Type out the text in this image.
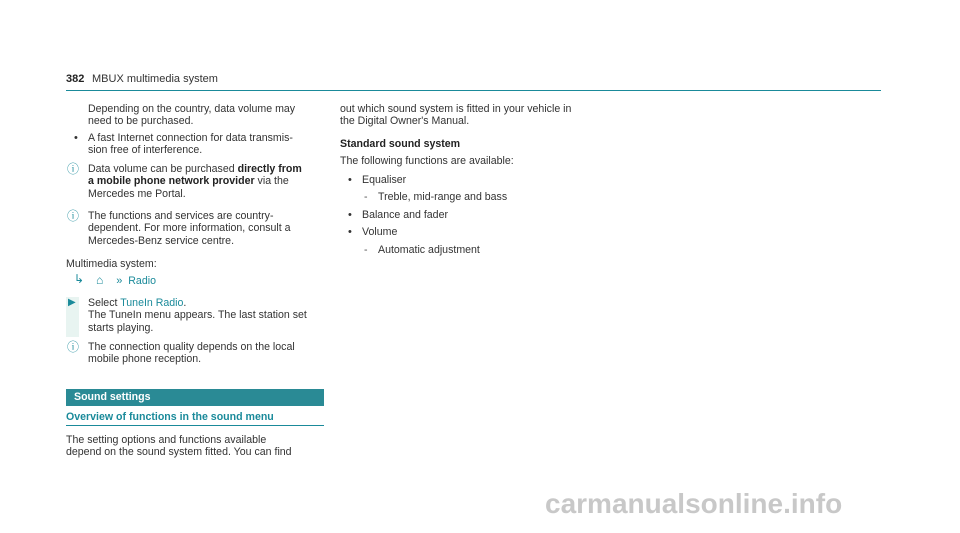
382 MBUX multimedia system
Depending on the country, data volume may
need to be purchased.
• A fast Internet connection for data transmis-
sion free of interference.
ⓘ Data volume can be purchased directly from
a mobile phone network provider via the
Mercedes me Portal.
ⓘ The functions and services are country-
dependent. For more information, consult a
Mercedes-Benz service centre.
Multimedia system:
↳ ⌂ » Radio
▶	Select TuneIn Radio.
The TuneIn menu appears. The last station set
starts playing.
ⓘ The connection quality depends on the local
mobile phone reception.
Sound settings
Overview of functions in the sound menu
The setting options and functions available
depend on the sound system fitted. You can find
out which sound system is fitted in your vehicle in
the Digital Owner's Manual.
Standard sound system
The following functions are available:
• Equaliser
- Treble, mid-range and bass
• Balance and fader
• Volume
- Automatic adjustment
carmanualsonline.info
